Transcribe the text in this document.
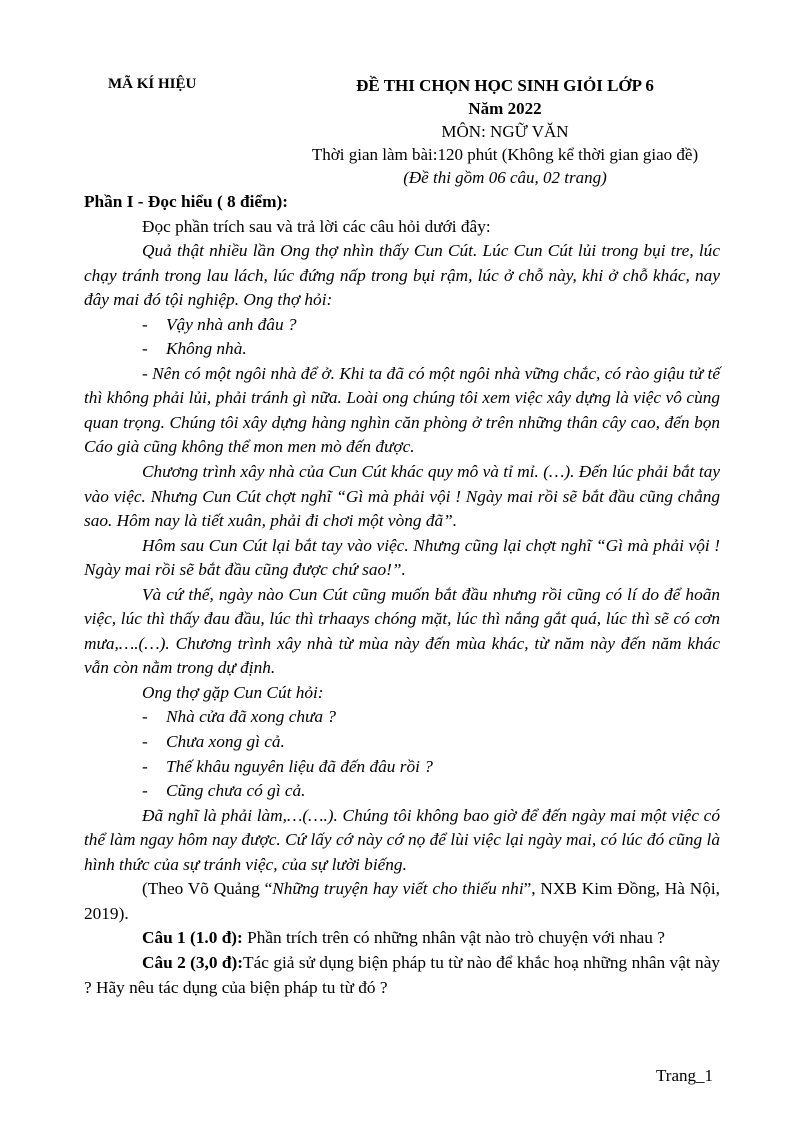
MÃ KÍ HIỆU	ĐỀ THI CHỌN HỌC SINH GIỎI LỚP 6
Năm 2022
MÔN: NGỮ VĂN
Thời gian làm bài:120 phút (Không kể thời gian giao đề)
(Đề thi gồm 06 câu, 02 trang)

Phần I - Đọc hiểu ( 8 điểm):

Đọc phần trích sau và trả lời các câu hỏi dưới đây:

Quả thật nhiều lần Ong thợ nhìn thấy Cun Cút. Lúc Cun Cút lủi trong bụi tre, lúc chạy tránh trong lau lách, lúc đứng nấp trong bụi rậm, lúc ở chỗ này, khi ở chỗ khác, nay đây mai đó tội nghiệp. Ong thợ hỏi:

-	Vậy nhà anh đâu ?

-	Không nhà.

- Nên có một ngôi nhà để ở. Khi ta đã có một ngôi nhà vững chắc, có rào giậu tử tế thì không phải lủi, phải tránh gì nữa. Loài ong chúng tôi xem việc xây dựng là việc vô cùng quan trọng. Chúng tôi xây dựng hàng nghìn căn phòng ở trên những thân cây cao, đến bọn Cáo già cũng không thể mon men mò đến được.

Chương trình xây nhà của Cun Cút khác quy mô và tỉ mỉ. (…). Đến lúc phải bắt tay vào việc. Nhưng Cun Cút chợt nghĩ “Gì mà phải vội ! Ngày mai rồi sẽ bắt đầu cũng chẳng sao. Hôm nay là tiết xuân, phải đi chơi một vòng đã”.

Hôm sau Cun Cút lại bắt tay vào việc. Nhưng cũng lại chợt nghĩ “Gì mà phải vội ! Ngày mai rồi sẽ bắt đầu cũng được chứ sao!”.

Và cứ thế, ngày nào Cun Cút cũng muốn bắt đầu nhưng rồi cũng có lí do để hoãn việc, lúc thì thấy đau đầu, lúc thì trhaays chóng mặt, lúc thì nắng gắt quá, lúc thì sẽ có cơn mưa,….(…). Chương trình xây nhà từ mùa này đến mùa khác, từ năm này đến năm khác vẫn còn nằm trong dự định.

Ong thợ gặp Cun Cút hỏi:

-	Nhà cửa đã xong chưa ?

-	Chưa xong gì cả.

-	Thế khâu nguyên liệu đã đến đâu rồi ?

-	Cũng chưa có gì cả.

Đã nghĩ là phải làm,…(….). Chúng tôi không bao giờ để đến ngày mai một việc có thể làm ngay hôm nay được. Cứ lấy cớ này cớ nọ để lùi việc lại ngày mai, có lúc đó cũng là hình thức của sự tránh việc, của sự lười biếng.

(Theo Võ Quảng “Những truyện hay viết cho thiếu nhi”, NXB Kim Đồng, Hà Nội, 2019).

Câu 1 (1.0 đ): Phần trích trên có những nhân vật nào trò chuyện với nhau ?

Câu 2 (3,0 đ):Tác giả sử dụng biện pháp tu từ nào để khắc hoạ những nhân vật này ? Hãy nêu tác dụng của biện pháp tu từ đó ?

Trang_1
